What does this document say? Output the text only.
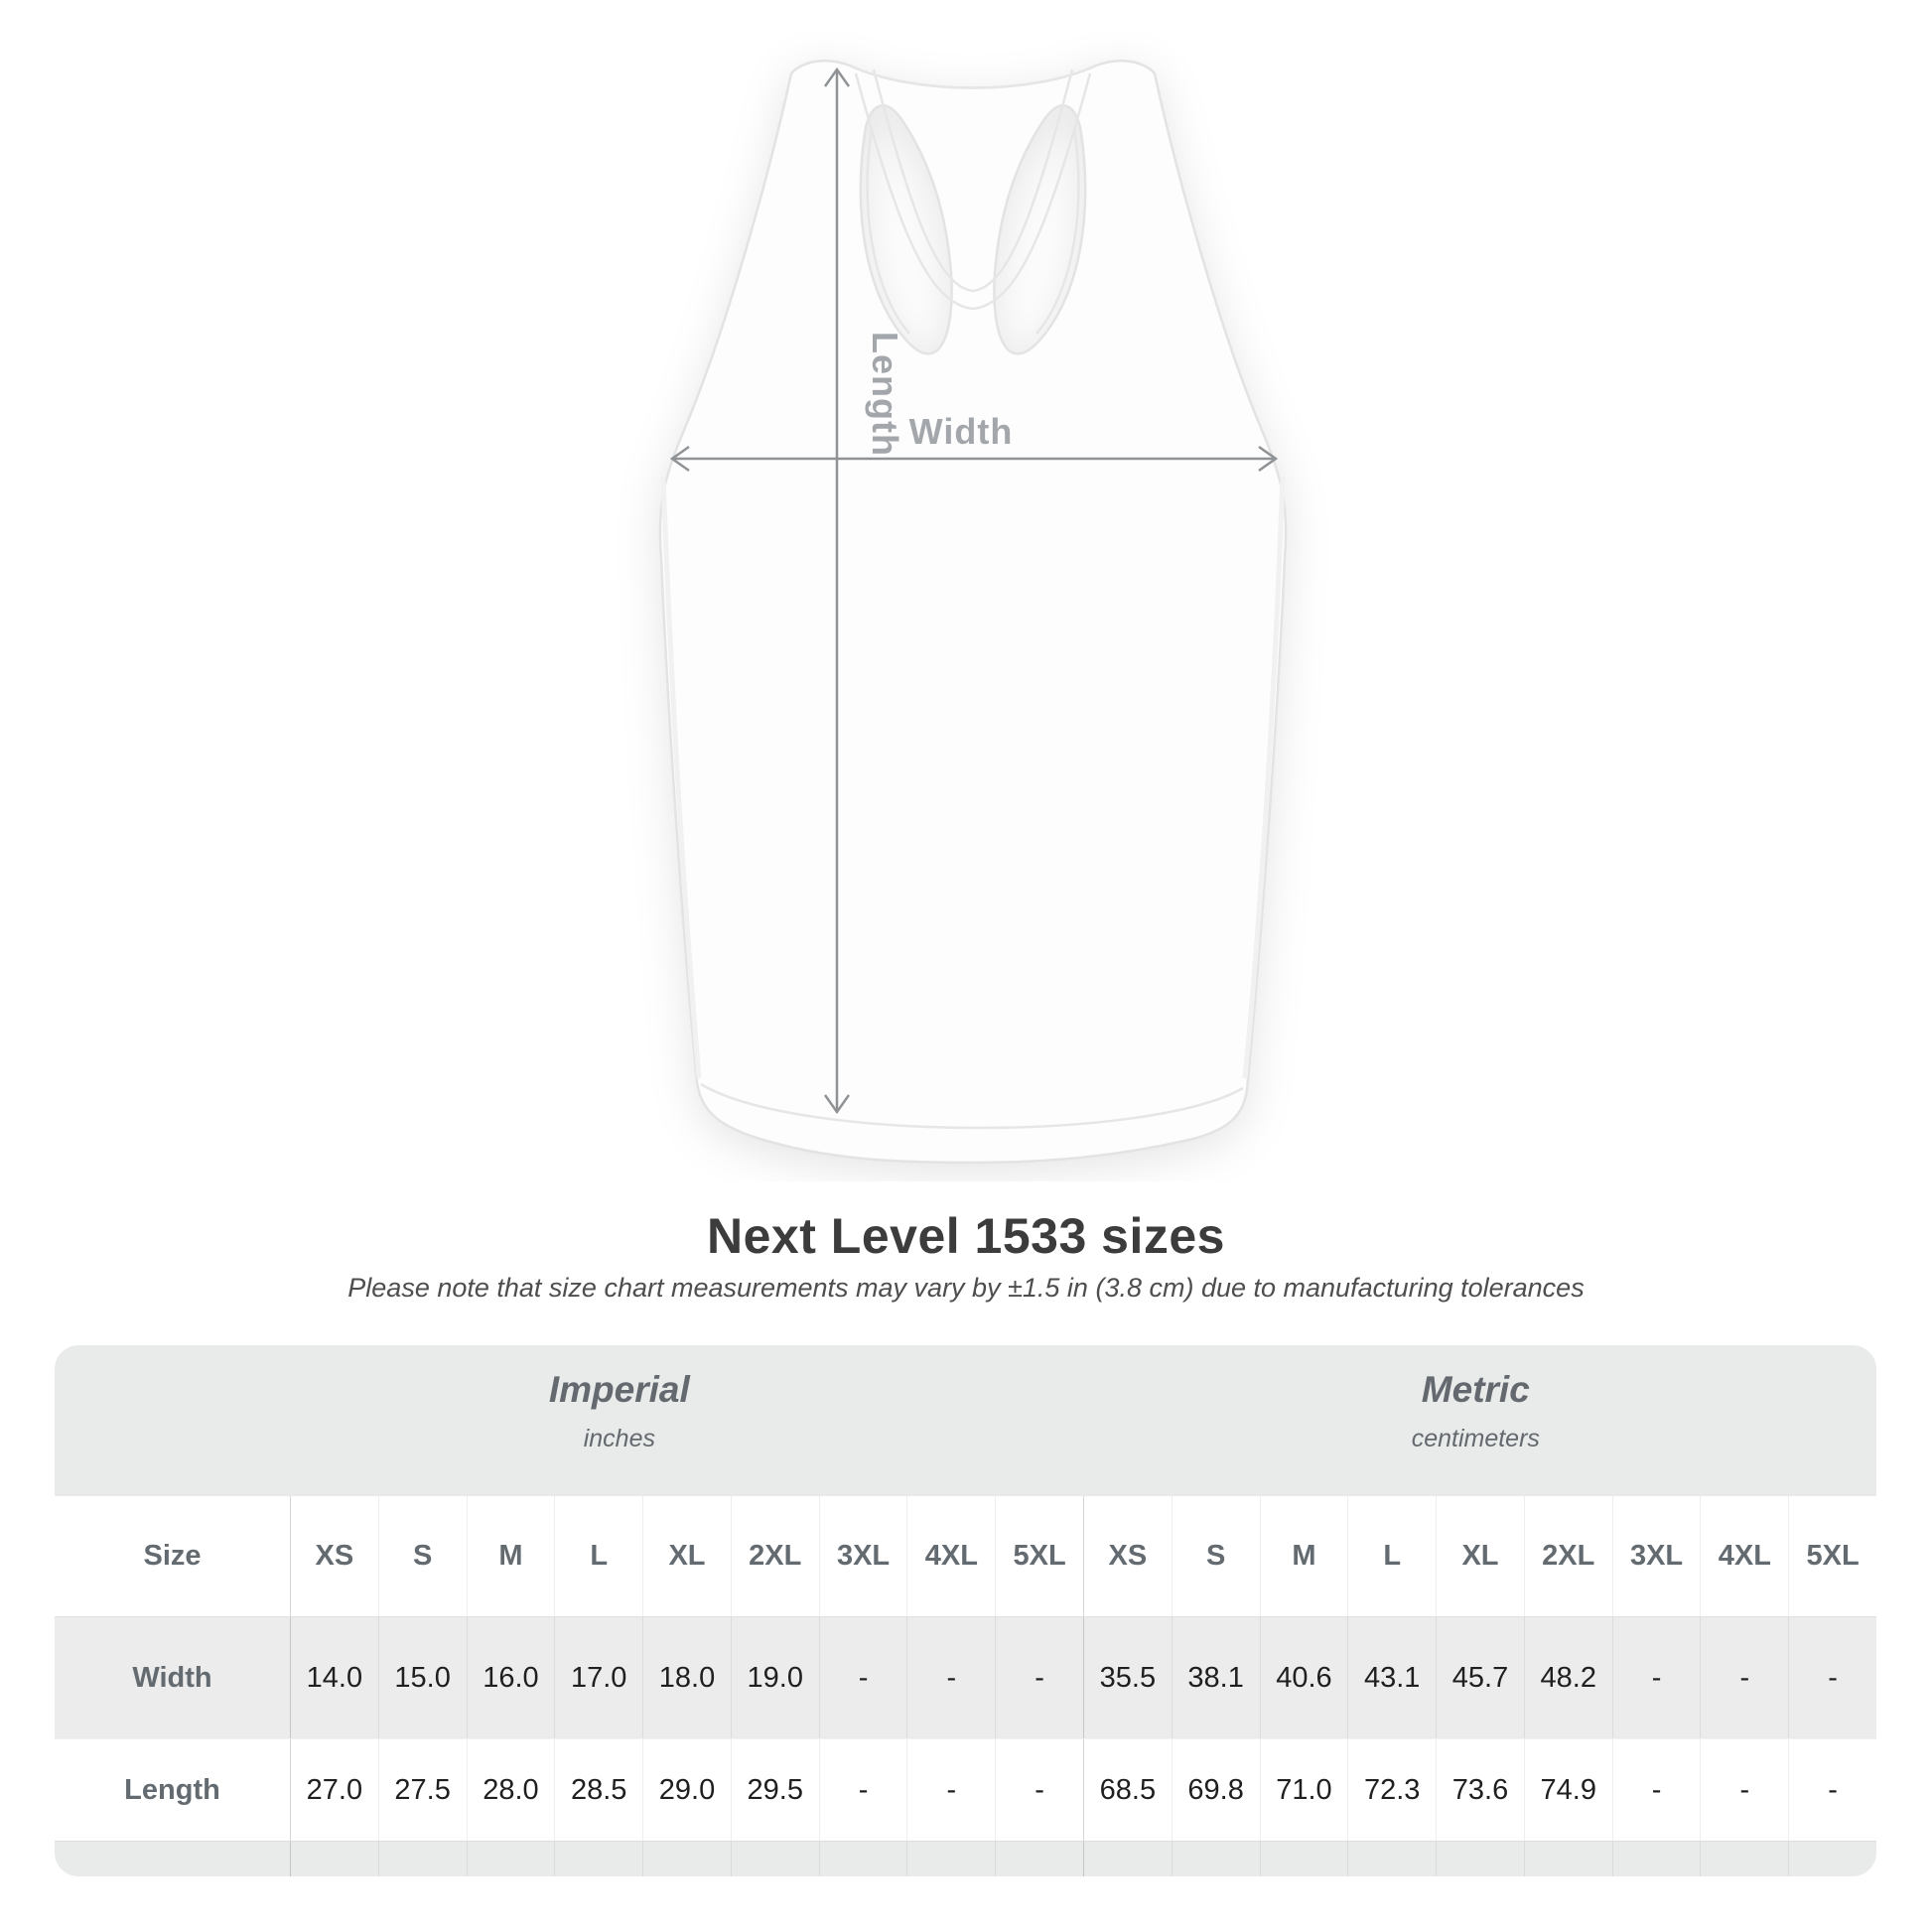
Length Width
Next Level 1533 sizes
Please note that size chart measurements may vary by ±1.5 in (3.8 cm) due to manufacturing tolerances
Imperial
inches
Metric
centimeters
Size	XS	S	M	L	XL	2XL	3XL	4XL	5XL	XS	S	M	L	XL	2XL	3XL	4XL	5XL
Width	14.0	15.0	16.0	17.0	18.0	19.0	-	-	-	35.5	38.1	40.6	43.1	45.7	48.2	-	-	-
Length	27.0	27.5	28.0	28.5	29.0	29.5	-	-	-	68.5	69.8	71.0	72.3	73.6	74.9	-	-	-
